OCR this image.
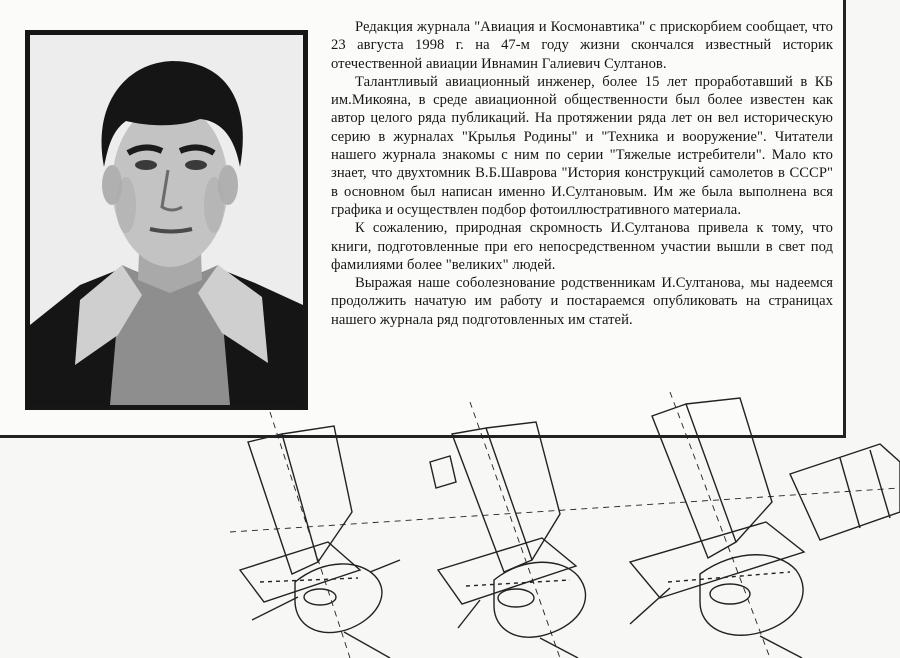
Редакция журнала "Авиация и Космонавтика" с прискорбием сообщает, что 23 августа 1998 г. на 47-м году жизни скончался известный историк отечественной авиации Ивнамин Галиевич Султанов.

Талантливый авиационный инженер, более 15 лет проработавший в КБ им.Микояна, в среде авиационной общественности был более известен как автор целого ряда публикаций. На протяжении ряда лет он вел историческую серию в журналах "Крылья Родины" и "Техника и вооружение". Читатели нашего журнала знакомы с ним по серии "Тяжелые истребители". Мало кто знает, что двухтомник В.Б.Шаврова "История конструкций самолетов в СССР" в основном был написан именно И.Султановым. Им же была выполнена вся графика и осуществлен подбор фотоиллюстративного материала.

К сожалению, природная скромность И.Султанова привела к тому, что книги, подготовленные при его непосредственном участии вышли в свет под фамилиями более "великих" людей.

Выражая наше соболезнование родственникам И.Султанова, мы надеемся продолжить начатую им работу и постараемся опубликовать на страницах нашего журнала ряд подготовленных им статей.
